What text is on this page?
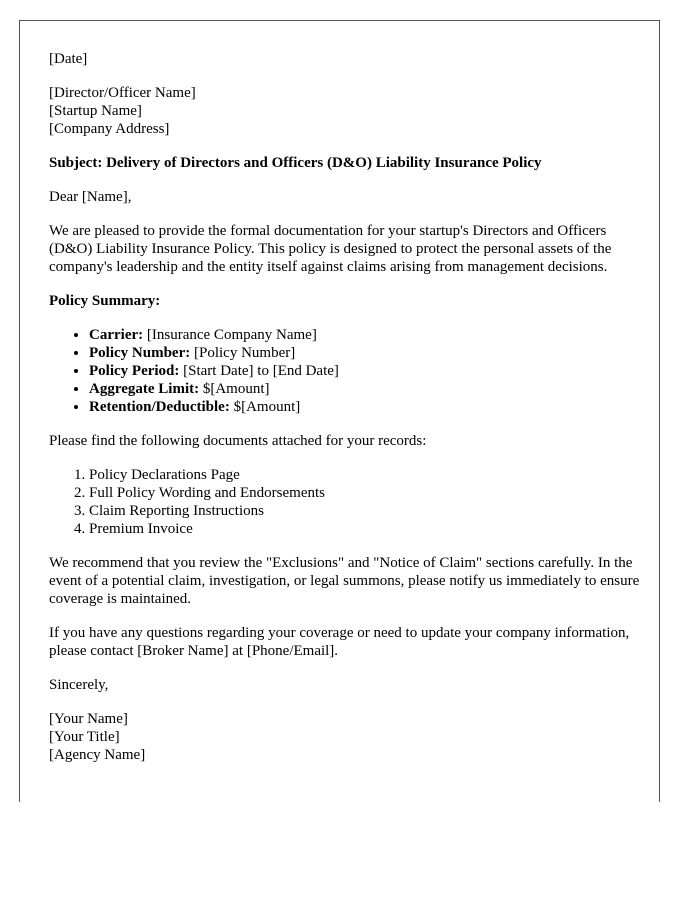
[Date]

[Director/Officer Name]
[Startup Name]
[Company Address]

Subject: Delivery of Directors and Officers (D&O) Liability Insurance Policy

Dear [Name],

We are pleased to provide the formal documentation for your startup's Directors and Officers (D&O) Liability Insurance Policy. This policy is designed to protect the personal assets of the company's leadership and the entity itself against claims arising from management decisions.

Policy Summary:

• Carrier: [Insurance Company Name]
• Policy Number: [Policy Number]
• Policy Period: [Start Date] to [End Date]
• Aggregate Limit: $[Amount]
• Retention/Deductible: $[Amount]

Please find the following documents attached for your records:

1. Policy Declarations Page
2. Full Policy Wording and Endorsements
3. Claim Reporting Instructions
4. Premium Invoice

We recommend that you review the "Exclusions" and "Notice of Claim" sections carefully. In the event of a potential claim, investigation, or legal summons, please notify us immediately to ensure coverage is maintained.

If you have any questions regarding your coverage or need to update your company information, please contact [Broker Name] at [Phone/Email].

Sincerely,

[Your Name]
[Your Title]
[Agency Name]
